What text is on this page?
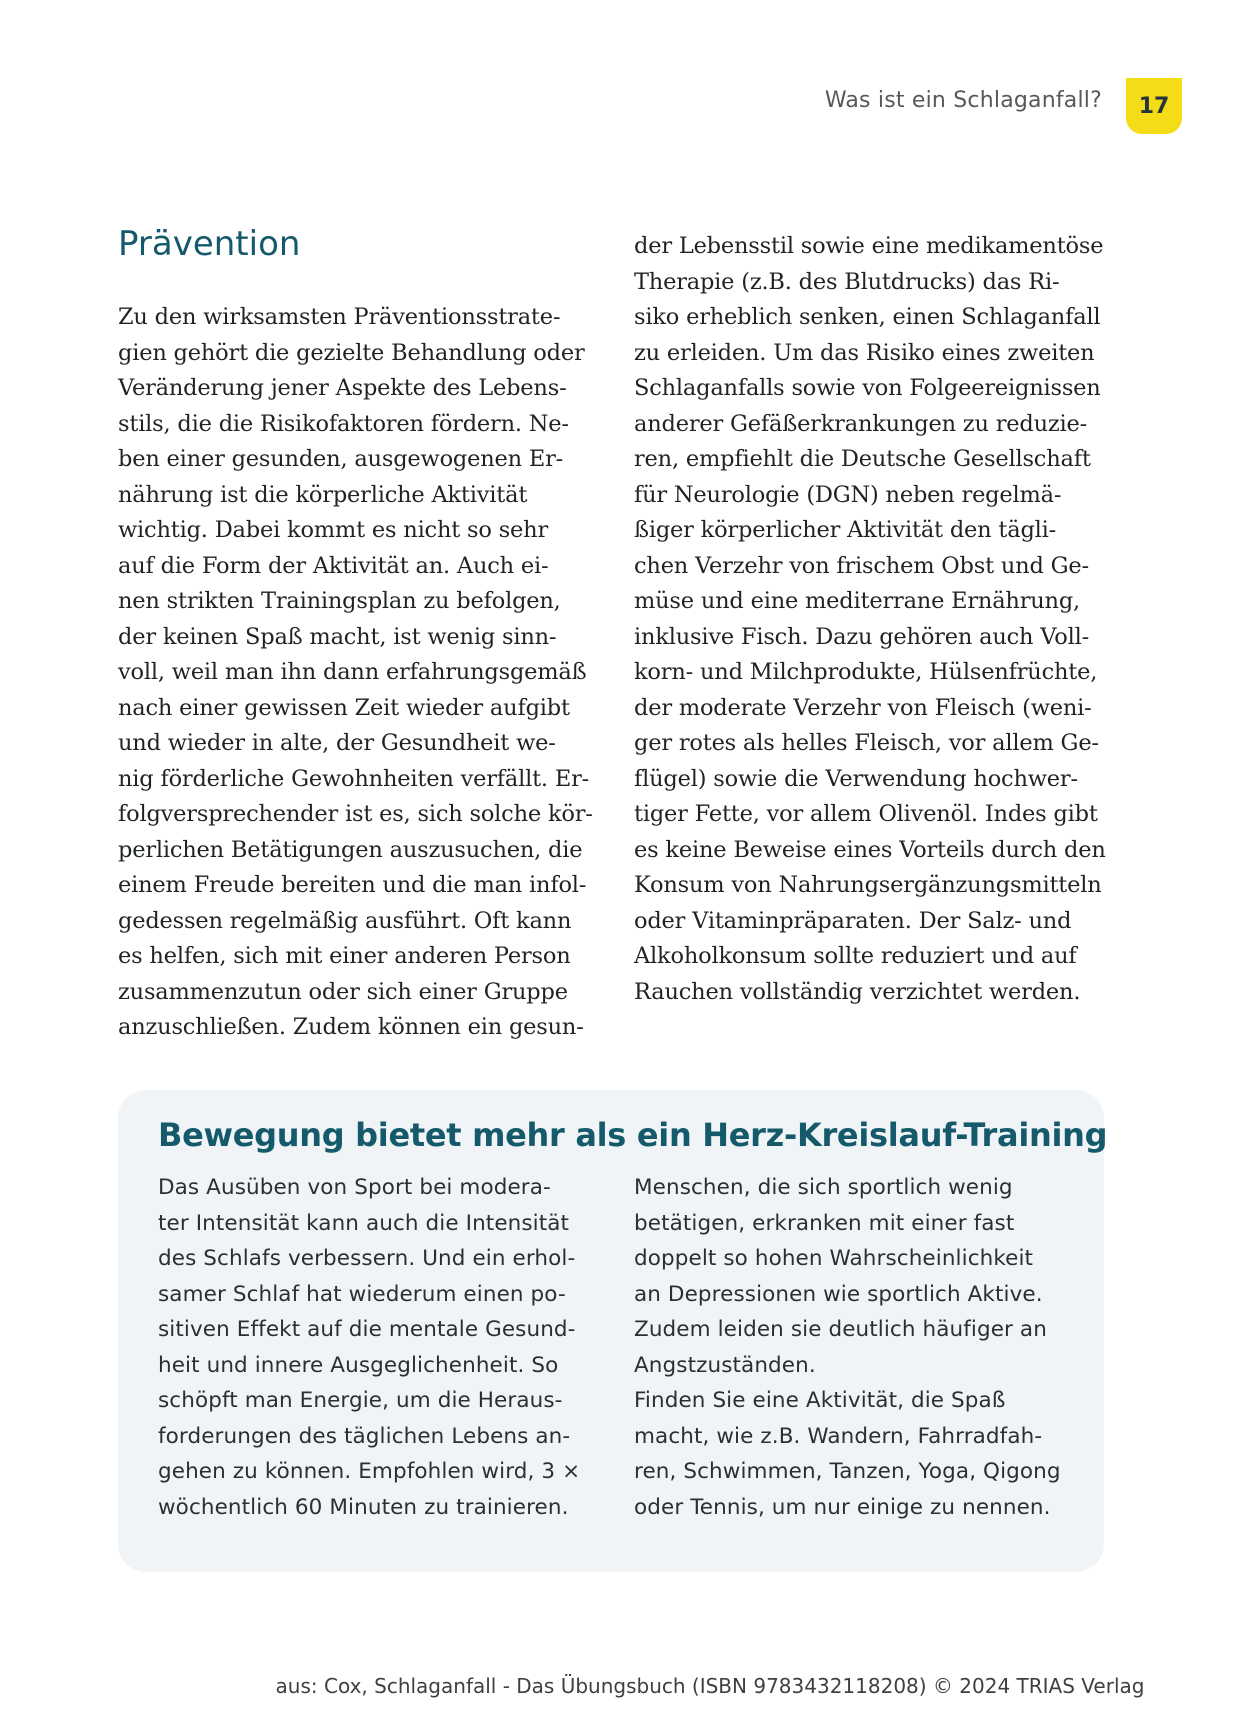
Was ist ein Schlaganfall?	17
Prävention
Zu den wirksamsten Präventionsstrate-
gien gehört die gezielte Behandlung oder
Veränderung jener Aspekte des Lebens-
stils, die die Risikofaktoren fördern. Ne-
ben einer gesunden, ausgewogenen Er-
nährung ist die körperliche Aktivität
wichtig. Dabei kommt es nicht so sehr
auf die Form der Aktivität an. Auch ei-
nen strikten Trainingsplan zu befolgen,
der keinen Spaß macht, ist wenig sinn-
voll, weil man ihn dann erfahrungsgemäß
nach einer gewissen Zeit wieder aufgibt
und wieder in alte, der Gesundheit we-
nig förderliche Gewohnheiten verfällt. Er-
folgversprechender ist es, sich solche kör-
perlichen Betätigungen auszusuchen, die
einem Freude bereiten und die man infol-
gedessen regelmäßig ausführt. Oft kann
es helfen, sich mit einer anderen Person
zusammenzutun oder sich einer Gruppe
anzuschließen. Zudem können ein gesun-
der Lebensstil sowie eine medikamentöse
Therapie (z.B. des Blutdrucks) das Ri-
siko erheblich senken, einen Schlaganfall
zu erleiden. Um das Risiko eines zweiten
Schlaganfalls sowie von Folgeereignissen
anderer Gefäßerkrankungen zu reduzie-
ren, empfiehlt die Deutsche Gesellschaft
für Neurologie (DGN) neben regelmä-
ßiger körperlicher Aktivität den tägli-
chen Verzehr von frischem Obst und Ge-
müse und eine mediterrane Ernährung,
inklusive Fisch. Dazu gehören auch Voll-
korn- und Milchprodukte, Hülsenfrüchte,
der moderate Verzehr von Fleisch (weni-
ger rotes als helles Fleisch, vor allem Ge-
flügel) sowie die Verwendung hochwer-
tiger Fette, vor allem Olivenöl. Indes gibt
es keine Beweise eines Vorteils durch den
Konsum von Nahrungsergänzungsmitteln
oder Vitaminpräparaten. Der Salz- und
Alkoholkonsum sollte reduziert und auf
Rauchen vollständig verzichtet werden.
Bewegung bietet mehr als ein Herz-Kreislauf-Training
Das Ausüben von Sport bei modera-
ter Intensität kann auch die Intensität
des Schlafs verbessern. Und ein erhol-
samer Schlaf hat wiederum einen po-
sitiven Effekt auf die mentale Gesund-
heit und innere Ausgeglichenheit. So
schöpft man Energie, um die Heraus-
forderungen des täglichen Lebens an-
gehen zu können. Empfohlen wird, 3 ×
wöchentlich 60 Minuten zu trainieren.
Menschen, die sich sportlich wenig
betätigen, erkranken mit einer fast
doppelt so hohen Wahrscheinlichkeit
an Depressionen wie sportlich Aktive.
Zudem leiden sie deutlich häufiger an
Angstzuständen.
Finden Sie eine Aktivität, die Spaß
macht, wie z.B. Wandern, Fahrradfah-
ren, Schwimmen, Tanzen, Yoga, Qigong
oder Tennis, um nur einige zu nennen.
aus: Cox, Schlaganfall - Das Übungsbuch (ISBN 9783432118208) © 2024 TRIAS Verlag
